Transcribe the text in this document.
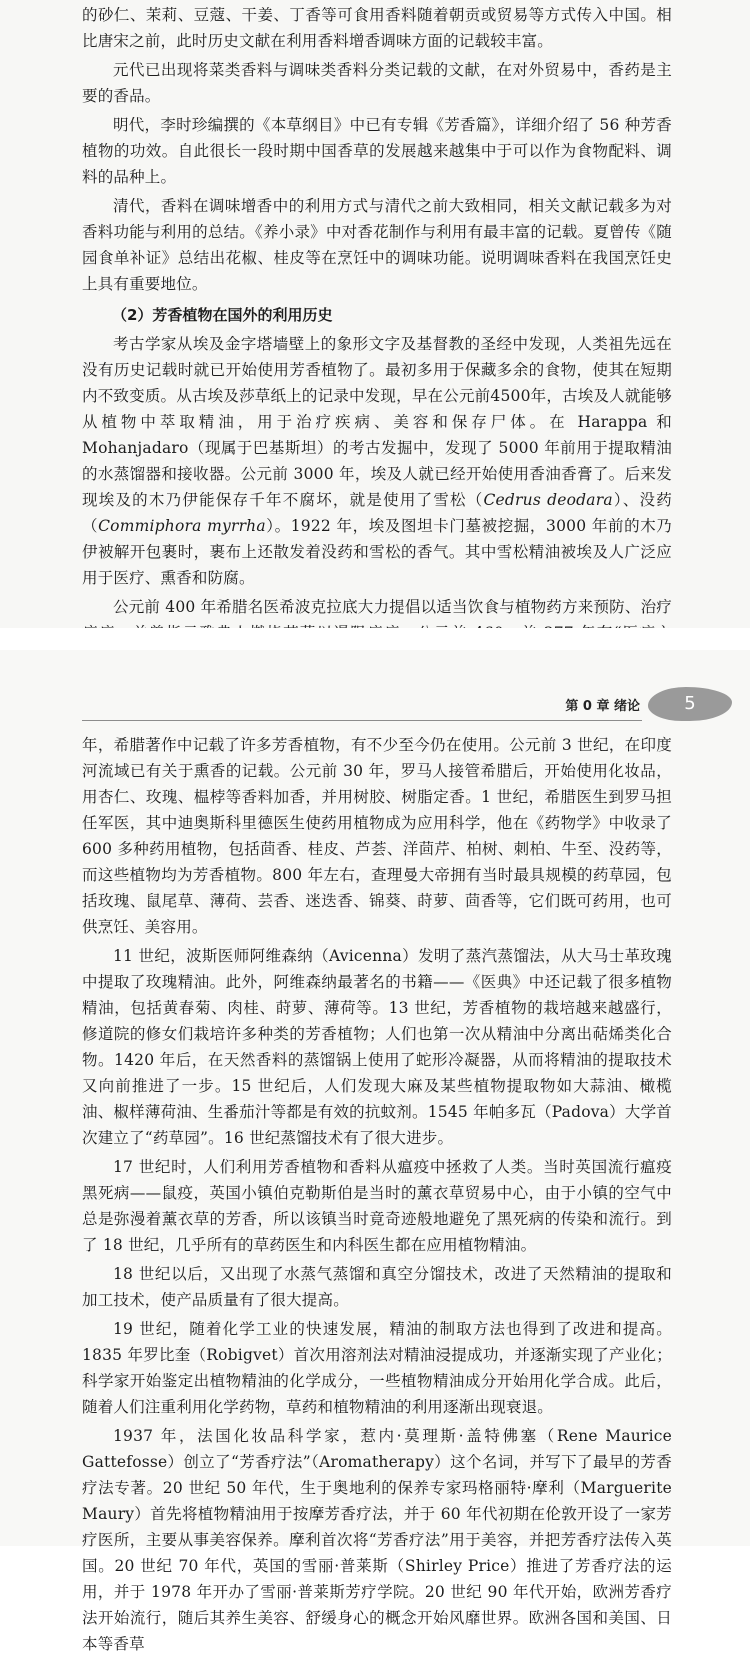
的砂仁、茉莉、豆蔻、干姜、丁香等可食用香料随着朝贡或贸易等方式传入中国。相比唐宋之前，此时历史文献在利用香料增香调味方面的记载较丰富。

元代已出现将菜类香料与调味类香料分类记载的文献，在对外贸易中，香药是主要的香品。

明代，李时珍编撰的《本草纲目》中已有专辑《芳香篇》，详细介绍了 56 种芳香植物的功效。自此很长一段时期中国香草的发展越来越集中于可以作为食物配料、调料的品种上。

清代，香料在调味增香中的利用方式与清代之前大致相同，相关文献记载多为对香料功能与利用的总结。《养小录》中对香花制作与利用有最丰富的记载。夏曾传《随园食单补证》总结出花椒、桂皮等在烹饪中的调味功能。说明调味香料在我国烹饪史上具有重要地位。

（2）芳香植物在国外的利用历史

考古学家从埃及金字塔墙壁上的象形文字及基督教的圣经中发现，人类祖先远在没有历史记载时就已开始使用芳香植物了。最初多用于保藏多余的食物，使其在短期内不致变质。从古埃及莎草纸上的记录中发现，早在公元前4500年，古埃及人就能够从植物中萃取精油，用于治疗疾病、美容和保存尸体。在 Harappa 和 Mohanjadaro（现属于巴基斯坦）的考古发掘中，发现了 5000 年前用于提取精油的水蒸馏器和接收器。公元前 3000 年，埃及人就已经开始使用香油香膏了。后来发现埃及的木乃伊能保存千年不腐坏，就是使用了雪松（Cedrus deodara）、没药（Commiphora myrrha）。1922 年，埃及图坦卡门墓被挖掘，3000 年前的木乃伊被解开包裹时，裹布上还散发着没药和雪松的香气。其中雪松精油被埃及人广泛应用于医疗、熏香和防腐。

公元前 400 年希腊名医希波克拉底大力提倡以适当饮食与植物药方来预防、治疗

第 0 章 绪论	5

年，希腊著作中记载了许多芳香植物，有不少至今仍在使用。公元前 3 世纪，在印度河流域已有关于熏香的记载。公元前 30 年，罗马人接管希腊后，开始使用化妆品，用杏仁、玫瑰、榅桲等香料加香，并用树胶、树脂定香。1 世纪，希腊医生到罗马担任军医，其中迪奥斯科里德医生使药用植物成为应用科学，他在《药物学》中收录了 600 多种药用植物，包括茴香、桂皮、芦荟、洋茴芹、柏树、刺柏、牛至、没药等，而这些植物均为芳香植物。800 年左右，查理曼大帝拥有当时最具规模的药草园，包括玫瑰、鼠尾草、薄荷、芸香、迷迭香、锦葵、莳萝、茴香等，它们既可药用，也可供烹饪、美容用。

11 世纪，波斯医师阿维森纳（Avicenna）发明了蒸汽蒸馏法，从大马士革玫瑰中提取了玫瑰精油。此外，阿维森纳最著名的书籍——《医典》中还记载了很多植物精油，包括黄春菊、肉桂、莳萝、薄荷等。13 世纪，芳香植物的栽培越来越盛行，修道院的修女们栽培许多种类的芳香植物；人们也第一次从精油中分离出萜烯类化合物。1420 年后，在天然香料的蒸馏锅上使用了蛇形冷凝器，从而将精油的提取技术又向前推进了一步。15 世纪后，人们发现大麻及某些植物提取物如大蒜油、橄榄油、椒样薄荷油、生番茄汁等都是有效的抗蚊剂。1545 年帕多瓦（Padova）大学首次建立了“药草园”。16 世纪蒸馏技术有了很大进步。

17 世纪时，人们利用芳香植物和香料从瘟疫中拯救了人类。当时英国流行瘟疫黑死病——鼠疫，英国小镇伯克勒斯伯是当时的薰衣草贸易中心，由于小镇的空气中总是弥漫着薰衣草的芳香，所以该镇当时竟奇迹般地避免了黑死病的传染和流行。到了 18 世纪，几乎所有的草药医生和内科医生都在应用植物精油。

18 世纪以后，又出现了水蒸气蒸馏和真空分馏技术，改进了天然精油的提取和加工技术，使产品质量有了很大提高。

19 世纪，随着化学工业的快速发展，精油的制取方法也得到了改进和提高。1835 年罗比奎（Robigvet）首次用溶剂法对精油浸提成功，并逐渐实现了产业化；科学家开始鉴定出植物精油的化学成分，一些植物精油成分开始用化学合成。此后，随着人们注重利用化学药物，草药和植物精油的利用逐渐出现衰退。

1937 年，法国化妆品科学家，惹内·莫理斯·盖特佛塞（Rene Maurice Gattefosse）创立了“芳香疗法”（Aromatherapy）这个名词，并写下了最早的芳香疗法专著。20 世纪 50 年代，生于奥地利的保养专家玛格丽特·摩利（Marguerite Maury）首先将植物精油用于按摩芳香疗法，并于 60 年代初期在伦敦开设了一家芳疗医所，主要从事美容保养。摩利首次将“芳香疗法”用于美容，并把芳香疗法传入英国。20 世纪 70 年代，英国的雪丽·普莱斯（Shirley Price）推进了芳香疗法的运用，并于 1978 年开办了雪丽·普莱斯芳疗学院。20 世纪 90 年代开始，欧洲芳香疗法开始流行，随后其养生美容、舒缓身心的概念开始风靡世界。欧洲各国和美国、日本等香草
